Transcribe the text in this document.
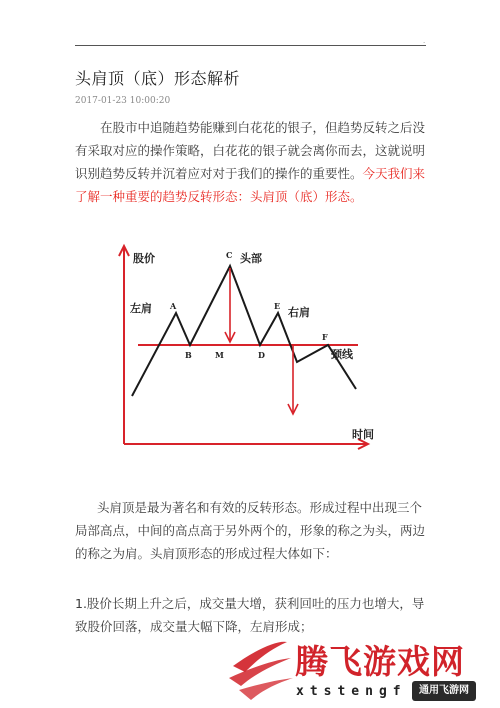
·
头肩顶（底）形态解析
2017-01-23 10:00:20

在股市中追随趋势能赚到白花花的银子，但趋势反转之后没有采取对应的操作策略，白花花的银子就会离你而去，这就说明识别趋势反转并沉着应对对于我们的操作的重要性。今天我们来了解一种重要的趋势反转形态：头肩顶（底）形态。

股价
时间
左肩
头部
右肩
颈线
A
B
C
M	D
E
F

头肩顶是最为著名和有效的反转形态。形成过程中出现三个局部高点，中间的高点高于另外两个的，形象的称之为头，两边的称之为肩。头肩顶形态的形成过程大体如下：

1.股价长期上升之后，成交量大增，获利回吐的压力也增大，导致股价回落，成交量大幅下降，左肩形成；

腾飞游戏网
xtstengf	通用飞游网
